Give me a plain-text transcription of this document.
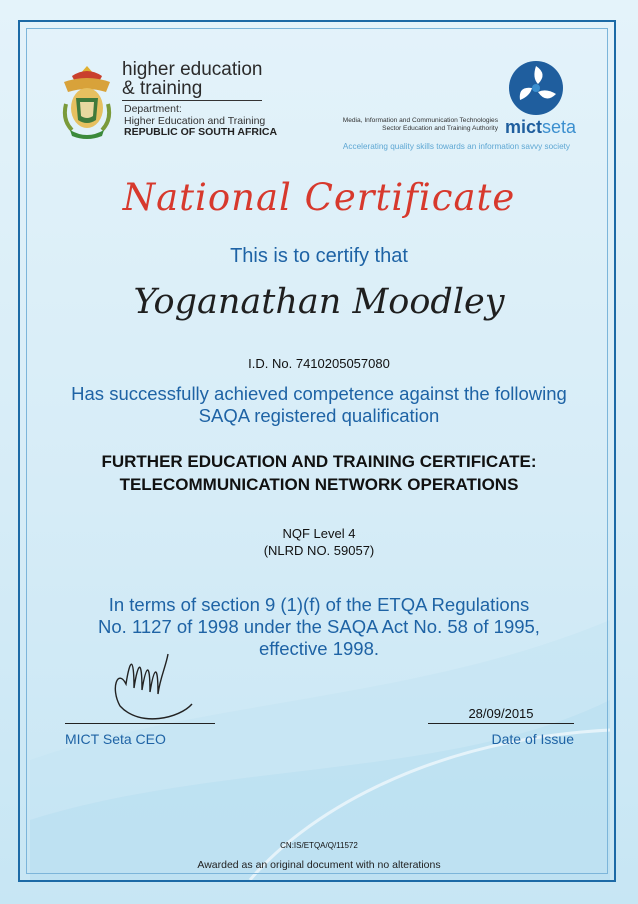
higher education
& training
Department:
Higher Education and Training
REPUBLIC OF SOUTH AFRICA
Media, Information and Communication Technologies
Sector Education and Training Authority mictseta
Accelerating quality skills towards an information savvy society
National Certificate
This is to certify that
Yoganathan Moodley
I.D. No. 7410205057080
Has successfully achieved competence against the following
SAQA registered qualification
FURTHER EDUCATION AND TRAINING CERTIFICATE:
TELECOMMUNICATION NETWORK OPERATIONS
NQF Level 4
(NLRD NO. 59057)
In terms of section 9 (1)(f) of the ETQA Regulations
No. 1127 of 1998 under the SAQA Act No. 58 of 1995,
effective 1998.
MICT Seta CEO
28/09/2015
Date of Issue
CN:IS/ETQA/Q/11572
Awarded as an original document with no alterations
